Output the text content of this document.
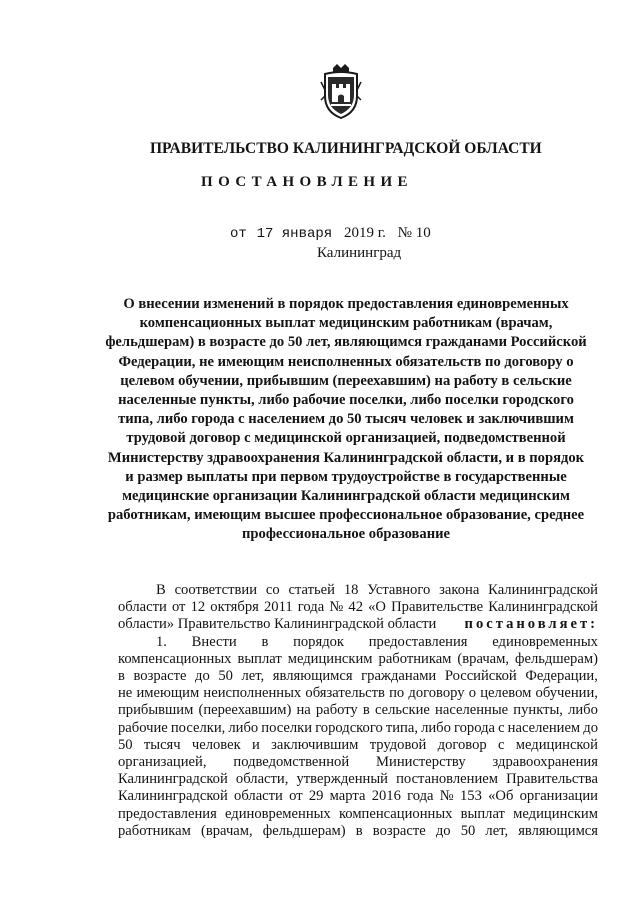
ПРАВИТЕЛЬСТВО КАЛИНИНГРАДСКОЙ ОБЛАСТИ
ПОСТАНОВЛЕНИЕ
от 17 января 2019 г. № 10
Калининград
О внесении изменений в порядок предоставления единовременных
компенсационных выплат медицинским работникам (врачам,
фельдшерам) в возрасте до 50 лет, являющимся гражданами Российской
Федерации, не имеющим неисполненных обязательств по договору о
целевом обучении, прибывшим (переехавшим) на работу в сельские
населенные пункты, либо рабочие поселки, либо поселки городского
типа, либо города с населением до 50 тысяч человек и заключившим
трудовой договор с медицинской организацией, подведомственной
Министерству здравоохранения Калининградской области, и в порядок
и размер выплаты при первом трудоустройстве в государственные
медицинские организации Калининградской области медицинским
работникам, имеющим высшее профессиональное образование, среднее
профессиональное образование
В соответствии со статьей 18 Уставного закона Калининградской
области от 12 октября 2011 года № 42 «О Правительстве Калининградской
области» Правительство Калининградской области постановляет:
1. Внести в порядок предоставления единовременных
компенсационных выплат медицинским работникам (врачам, фельдшерам)
в возрасте до 50 лет, являющимся гражданами Российской Федерации,
не имеющим неисполненных обязательств по договору о целевом обучении,
прибывшим (переехавшим) на работу в сельские населенные пункты, либо
рабочие поселки, либо поселки городского типа, либо города с населением до
50 тысяч человек и заключившим трудовой договор с медицинской
организацией, подведомственной Министерству здравоохранения
Калининградской области, утвержденный постановлением Правительства
Калининградской области от 29 марта 2016 года № 153 «Об организации
предоставления единовременных компенсационных выплат медицинским
работникам (врачам, фельдшерам) в возрасте до 50 лет, являющимся
